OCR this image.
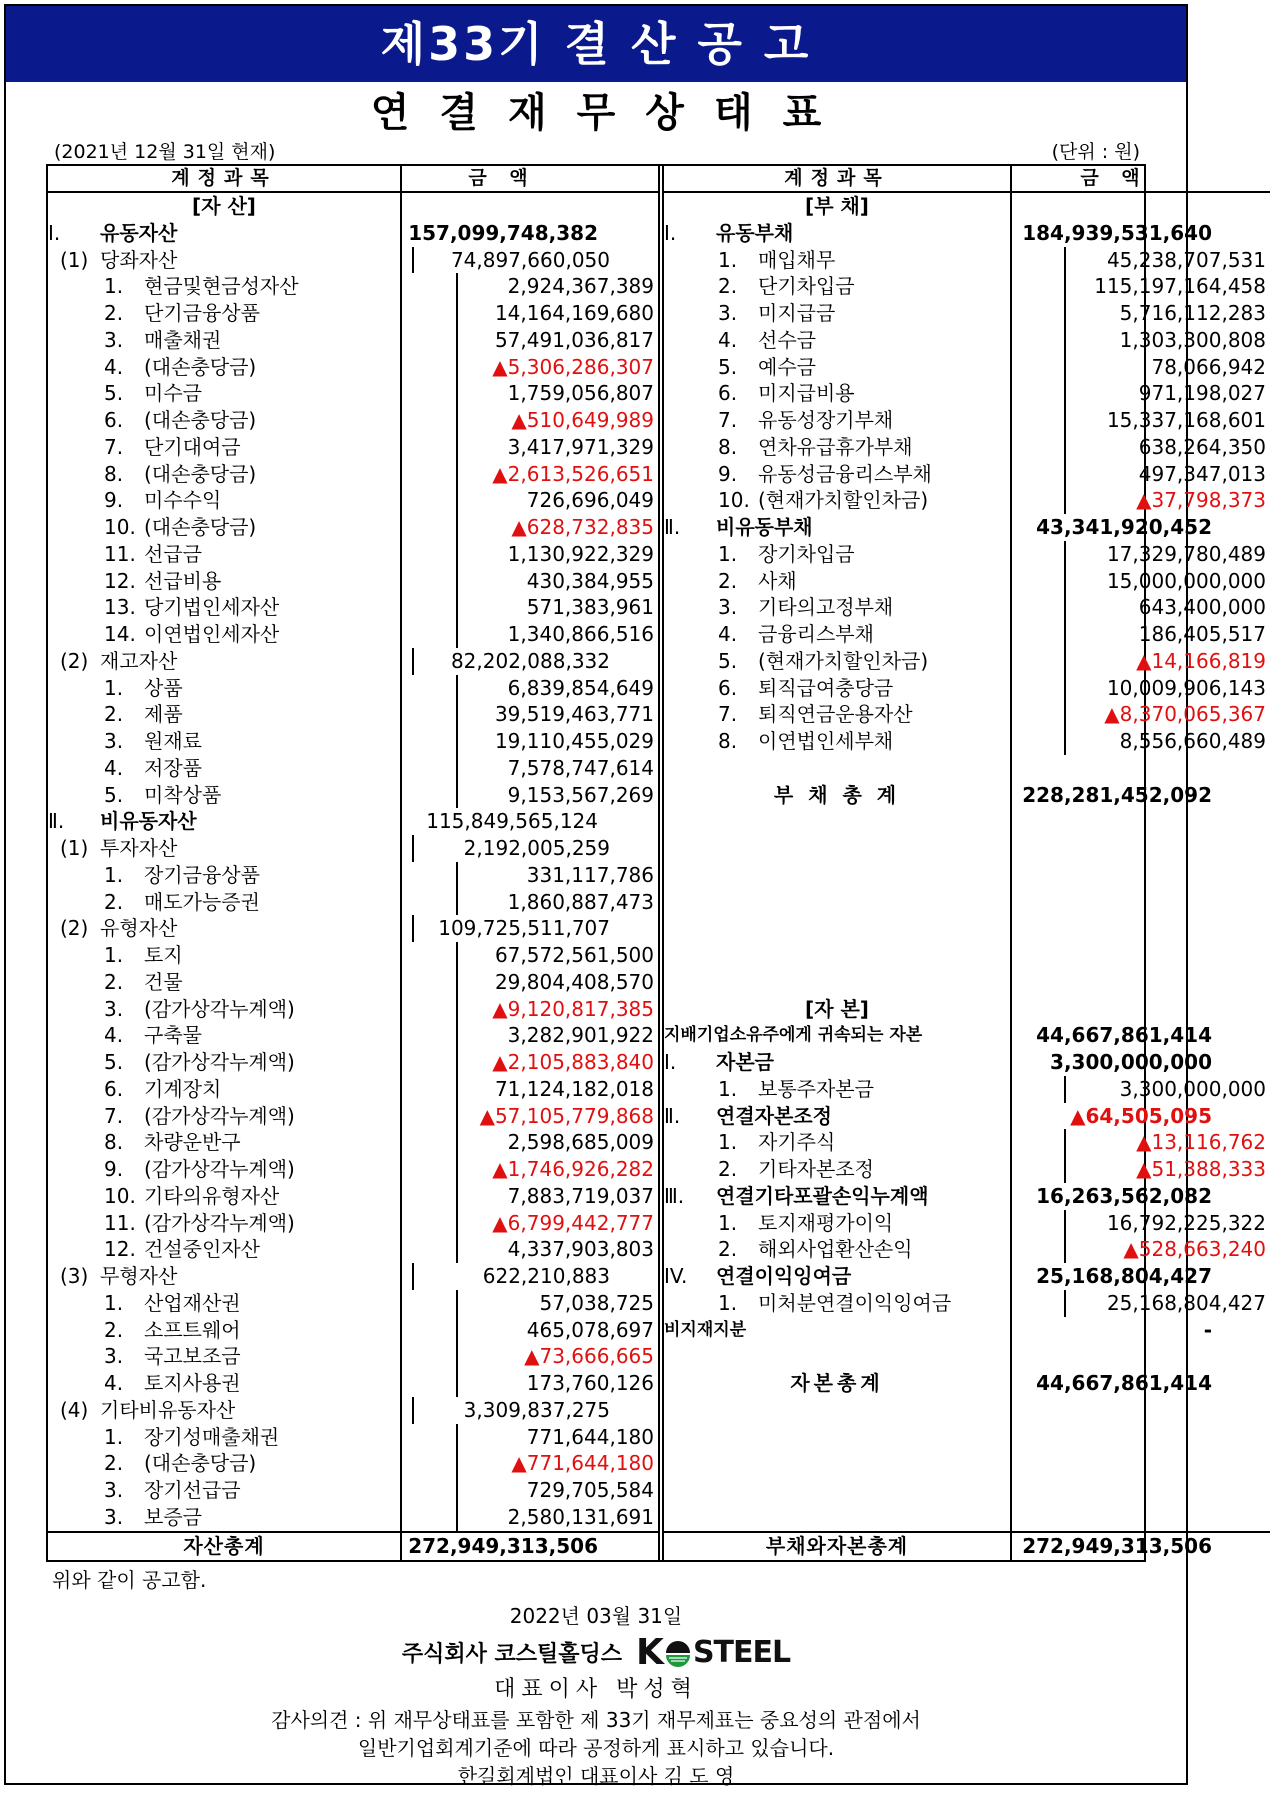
제33기 결 산 공 고
연결재무상태표
(2021년 12월 31일 현재)	(단위 : 원)
계정과목	금 액
[자 산]
Ⅰ. 유동자산	157,099,748,382
(1) 당좌자산	74,897,660,050
1. 현금및현금성자산	2,924,367,389
2. 단기금융상품	14,164,169,680
3. 매출채권	57,491,036,817
4. (대손충당금)	▲5,306,286,307
5. 미수금	1,759,056,807
6. (대손충당금)	▲510,649,989
7. 단기대여금	3,417,971,329
8. (대손충당금)	▲2,613,526,651
9. 미수수익	726,696,049
10. (대손충당금)	▲628,732,835
11. 선급금	1,130,922,329
12. 선급비용	430,384,955
13. 당기법인세자산	571,383,961
14. 이연법인세자산	1,340,866,516
(2) 재고자산	82,202,088,332
1. 상품	6,839,854,649
2. 제품	39,519,463,771
3. 원재료	19,110,455,029
4. 저장품	7,578,747,614
5. 미착상품	9,153,567,269
Ⅱ. 비유동자산	115,849,565,124
(1) 투자자산	2,192,005,259
1. 장기금융상품	331,117,786
2. 매도가능증권	1,860,887,473
(2) 유형자산	109,725,511,707
1. 토지	67,572,561,500
2. 건물	29,804,408,570
3. (감가상각누계액)	▲9,120,817,385
4. 구축물	3,282,901,922
5. (감가상각누계액)	▲2,105,883,840
6. 기계장치	71,124,182,018
7. (감가상각누계액)	▲57,105,779,868
8. 차량운반구	2,598,685,009
9. (감가상각누계액)	▲1,746,926,282
10. 기타의유형자산	7,883,719,037
11. (감가상각누계액)	▲6,799,442,777
12. 건설중인자산	4,337,903,803
(3) 무형자산	622,210,883
1. 산업재산권	57,038,725
2. 소프트웨어	465,078,697
3. 국고보조금	▲73,666,665
4. 토지사용권	173,760,126
(4) 기타비유동자산	3,309,837,275
1. 장기성매출채권	771,644,180
2. (대손충당금)	▲771,644,180
3. 장기선급금	729,705,584
3. 보증금	2,580,131,691
자산총계	272,949,313,506
계정과목	금 액
[부 채]
Ⅰ. 유동부채	184,939,531,640
1. 매입채무	45,238,707,531
2. 단기차입금	115,197,164,458
3. 미지급금	5,716,112,283
4. 선수금	1,303,300,808
5. 예수금	78,066,942
6. 미지급비용	971,198,027
7. 유동성장기부채	15,337,168,601
8. 연차유급휴가부채	638,264,350
9. 유동성금융리스부채	497,347,013
10. (현재가치할인차금)	▲37,798,373
Ⅱ. 비유동부채	43,341,920,452
1. 장기차입금	17,329,780,489
2. 사채	15,000,000,000
3. 기타의고정부채	643,400,000
4. 금융리스부채	186,405,517
5. (현재가치할인차금)	▲14,166,819
6. 퇴직급여충당금	10,009,906,143
7. 퇴직연금운용자산	▲8,370,065,367
8. 이연법인세부채	8,556,660,489

부 채 총 계	228,281,452,092

[자 본]
지배기업소유주에게 귀속되는 자본	44,667,861,414
Ⅰ. 자본금	3,300,000,000
1. 보통주자본금	3,300,000,000
Ⅱ. 연결자본조정	▲64,505,095
1. 자기주식	▲13,116,762
2. 기타자본조정	▲51,388,333
Ⅲ. 연결기타포괄손익누계액	16,263,562,082
1. 토지재평가이익	16,792,225,322
2. 해외사업환산손익	▲528,663,240
IV. 연결이익잉여금	25,168,804,427
1. 미처분연결이익잉여금	25,168,804,427
비지재지분	-

자본총계	44,667,861,414
부채와자본총계	272,949,313,506
위와 같이 공고함.
2022년 03월 31일
주식회사 코스틸홀딩스 K STEEL
대표이사 박성혁
감사의견 : 위 재무상태표를 포함한 제 33기 재무제표는 중요성의 관점에서
일반기업회계기준에 따라 공정하게 표시하고 있습니다.
한길회계법인 대표이사 김 도 영
